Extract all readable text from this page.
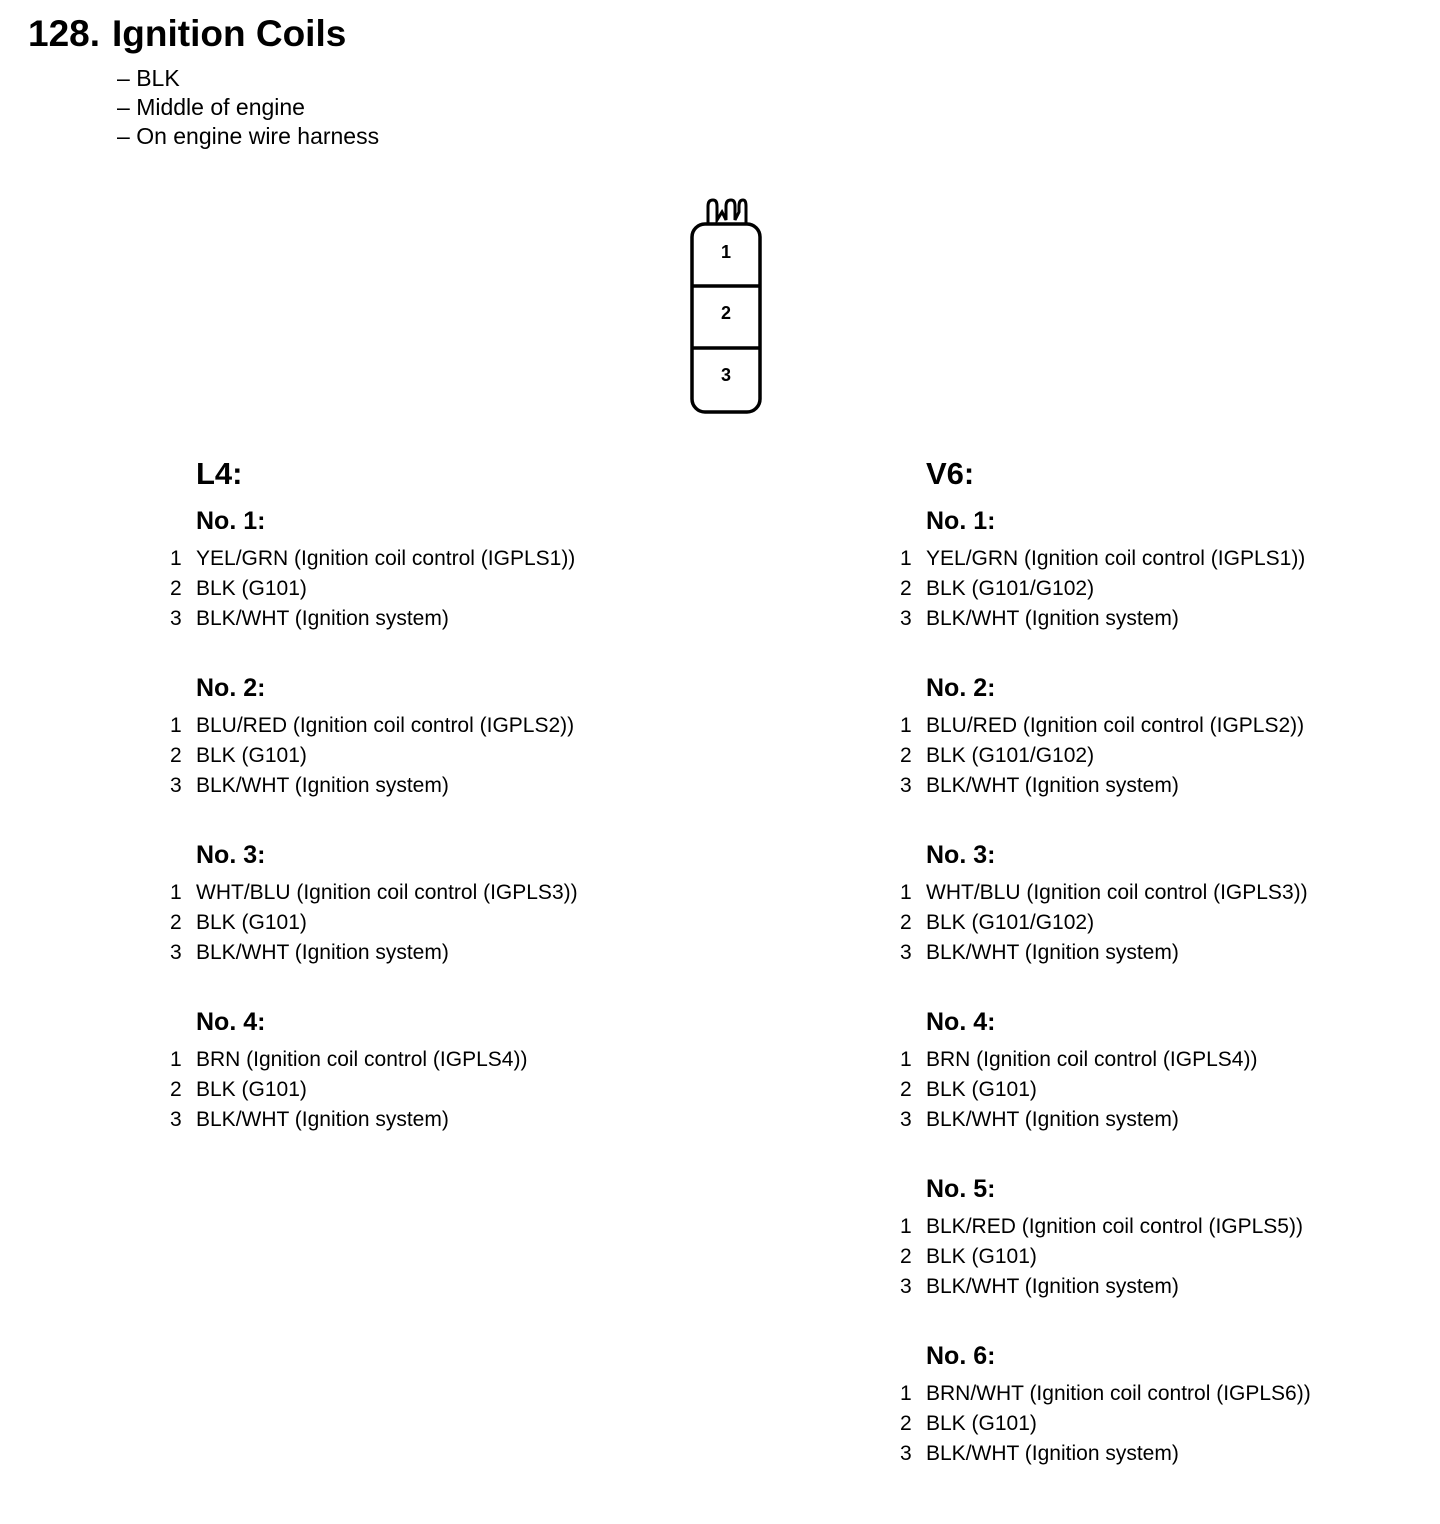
128. Ignition Coils
– BLK
– Middle of engine
– On engine wire harness
1
2
3
L4:
No. 1:
1 YEL/GRN (Ignition coil control (IGPLS1))
2 BLK (G101)
3 BLK/WHT (Ignition system)
No. 2:
1 BLU/RED (Ignition coil control (IGPLS2))
2 BLK (G101)
3 BLK/WHT (Ignition system)
No. 3:
1 WHT/BLU (Ignition coil control (IGPLS3))
2 BLK (G101)
3 BLK/WHT (Ignition system)
No. 4:
1 BRN (Ignition coil control (IGPLS4))
2 BLK (G101)
3 BLK/WHT (Ignition system)
V6:
No. 1:
1 YEL/GRN (Ignition coil control (IGPLS1))
2 BLK (G101/G102)
3 BLK/WHT (Ignition system)
No. 2:
1 BLU/RED (Ignition coil control (IGPLS2))
2 BLK (G101/G102)
3 BLK/WHT (Ignition system)
No. 3:
1 WHT/BLU (Ignition coil control (IGPLS3))
2 BLK (G101/G102)
3 BLK/WHT (Ignition system)
No. 4:
1 BRN (Ignition coil control (IGPLS4))
2 BLK (G101)
3 BLK/WHT (Ignition system)
No. 5:
1 BLK/RED (Ignition coil control (IGPLS5))
2 BLK (G101)
3 BLK/WHT (Ignition system)
No. 6:
1 BRN/WHT (Ignition coil control (IGPLS6))
2 BLK (G101)
3 BLK/WHT (Ignition system)
